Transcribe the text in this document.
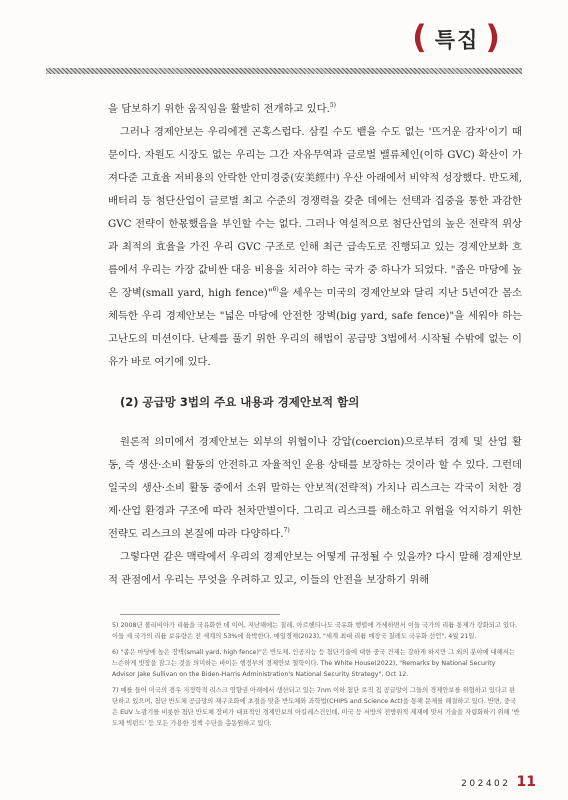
( 특집 )

을 담보하기 위한 움직임을 활발히 전개하고 있다.$^{5)}$

그러나 경제안보는 우리에겐 곤혹스럽다. 삼킬 수도 뱉을 수도 없는 '뜨거운 감자'이기 때문이다. 자원도 시장도 없는 우리는 그간 자유무역과 글로벌 밸류체인(이하 GVC) 확산이 가져다준 고효율 저비용의 안락한 안미경중(安美經中) 우산 아래에서 비약적 성장했다. 반도체, 배터리 등 첨단산업이 글로벌 최고 수준의 경쟁력을 갖춘 데에는 선택과 집중을 통한 과감한 GVC 전략이 한몫했음을 부인할 수는 없다. 그러나 역설적으로 첨단산업의 높은 전략적 위상과 최적의 효율을 가진 우리 GVC 구조로 인해 최근 급속도로 진행되고 있는 경제안보화 흐름에서 우리는 가장 값비싼 대응 비용을 치러야 하는 국가 중 하나가 되었다. "좁은 마당에 높은 장벽(small yard, high fence)"$^{6)}$을 세우는 미국의 경제안보와 달리 지난 5년여간 몸소 체득한 우리 경제안보는 "넓은 마당에 안전한 장벽(big yard, safe fence)"을 세워야 하는 고난도의 미션이다. 난제를 풀기 위한 우리의 해법이 공급망 3법에서 시작될 수밖에 없는 이유가 바로 여기에 있다.

(2) 공급망 3법의 주요 내용과 경제안보적 함의

원론적 의미에서 경제안보는 외부의 위협이나 강압(coercion)으로부터 경제 및 산업 활동, 즉 생산·소비 활동의 안전하고 자율적인 운용 상태를 보장하는 것이라 할 수 있다. 그런데 일국의 생산·소비 활동 중에서 소위 말하는 안보적(전략적) 가치나 리스크는 각국이 처한 경제·산업 환경과 구조에 따라 천차만별이다. 그리고 리스크를 해소하고 위협을 억지하기 위한 전략도 리스크의 본질에 따라 다양하다.$^{7)}$

그렇다면 같은 맥락에서 우리의 경제안보는 어떻게 규정될 수 있을까? 다시 말해 경제안보적 관점에서 우리는 무엇을 우려하고 있고, 이들의 안전을 보장하기 위해

5) 2008년 볼리비아가 리튬을 국유화한 데 이어, 지난해에는 칠레, 아르헨티나도 국유화 행렬에 가세하면서 이들 국가의 리튬 통제가 강화되고 있다. 이들 세 국가의 리튬 보유량은 전 세계의 53%에 육박한다. 매일경제(2023), "세계 최대 리튬 매장국 칠레도 국유화 선언", 4월 21일.

6) "좁은 마당에 높은 장벽(small yard, high fence)"은 반도체, 인공지능 등 첨단기술에 대한 중국 견제는 강하게 하지만 그 외의 분야에 대해서는 느슨하게 빗장을 잠그는 것을 의미하는 바이든 행정부의 경제안보 철학이다. The White House(2022), "Remarks by National Security Advisor Jake Sullivan on the Biden-Harris Administration's National Security Strategy", Oct 12.

7) 예를 들어 미국의 경우 지정학적 리스크 영향권 아래에서 생산되고 있는 7nm 이하 첨단 로직 칩 공급망이 그들의 경제안보를 위협하고 있다고 판단하고 있으며, 첨단 반도체 공급망의 재구조화에 초점을 맞춘 반도체와 과학법(CHIPS and Science Act)을 통해 문제를 해결하고 있다. 반면, 중국은 EUV 노광기를 비롯한 첨단 반도체 장비가 대표적인 경제안보의 아킬레스건인데, 미국 등 서방의 전방위적 제재에 맞서 기술을 자립화하기 위해 '반도체 빅펀드' 등 모든 가용한 정책 수단을 총동원하고 있다.

202402 11
